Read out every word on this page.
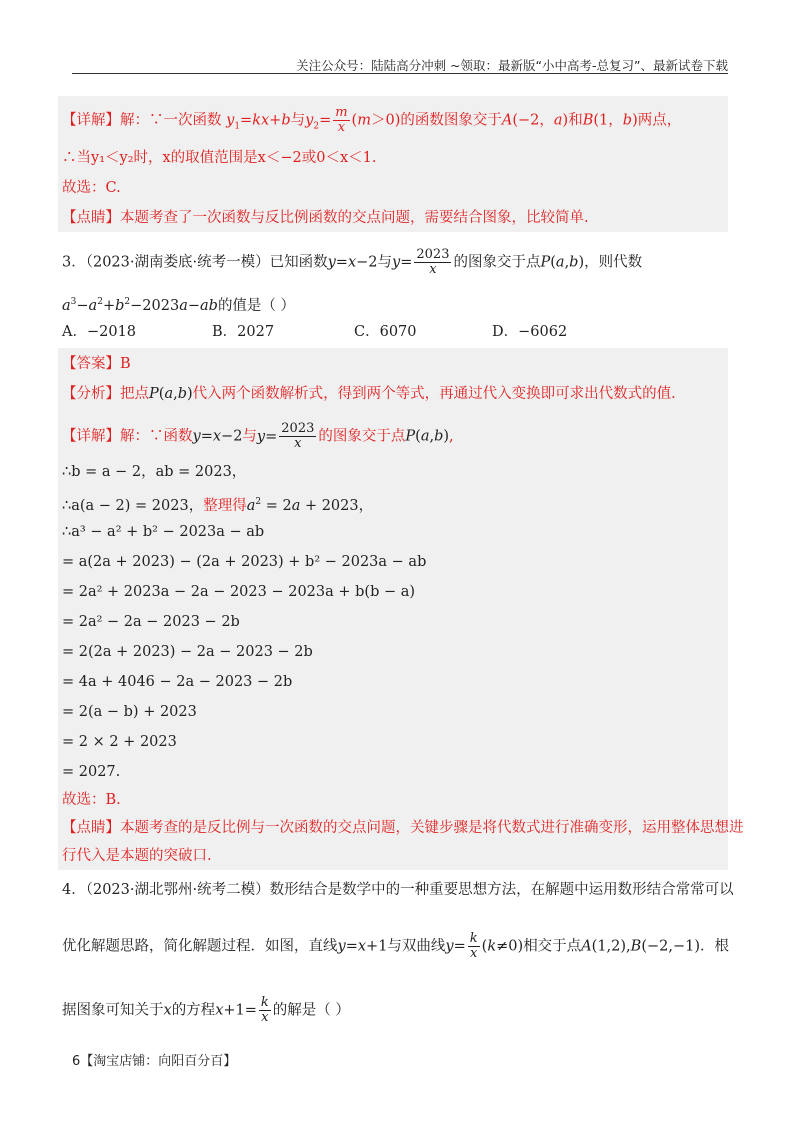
关注公众号：陆陆高分冲刺 ~领取：最新版“小中高考-总复习”、最新试卷下载
【详解】解：∵一次函数 $y_1=kx+b$与$y_2= \frac{m}{x} (m>0)$的函数图象交于A(−2，a)和B(1，b)两点，
∴当y₁＜y₂时，x的取值范围是x＜−2或0＜x＜1.
故选：C.
【点睛】本题考查了一次函数与反比例函数的交点问题，需要结合图象，比较简单.
3．（2023·湖南娄底·统考一模）已知函数y=x−2与$y= \frac{2023}{x}$ 的图象交于点P(a,b)，则代数
$a^3-a^2+b^2-2023a-ab$的值是（ ）
A．−2018	B．2027	C．6070	D．−6062
【答案】B
【分析】把点P(a,b)代入两个函数解析式，得到两个等式，再通过代入变换即可求出代数式的值.
【详解】解：∵函数y=x−2与$y= \frac{2023}{x}$ 的图象交于点P(a,b),
∴b = a − 2，ab = 2023，
∴a(a − 2) = 2023，整理得$a^2 = 2a + 2023$，
∴a³ − a² + b² − 2023a − ab
= a(2a + 2023) − (2a + 2023) + b² − 2023a − ab
= 2a² + 2023a − 2a − 2023 − 2023a + b(b − a)
= 2a² − 2a − 2023 − 2b
= 2(2a + 2023) − 2a − 2023 − 2b
= 4a + 4046 − 2a − 2023 − 2b
= 2(a − b) + 2023
= 2 × 2 + 2023
= 2027.
故选：B.
【点睛】本题考查的是反比例与一次函数的交点问题，关键步骤是将代数式进行准确变形，运用整体思想进
行代入是本题的突破口.
4．（2023·湖北鄂州·统考二模）数形结合是数学中的一种重要思想方法，在解题中运用数形结合常常可以
优化解题思路，简化解题过程．如图，直线y=x+1与双曲线$y= \frac{k}{x} (k\ne 0)$相交于点A(1,2),B(−2,−1)．根
据图象可知关于x的方程$x+1= \frac{k}{x}$ 的解是（ ）
6【淘宝店铺：向阳百分百】
